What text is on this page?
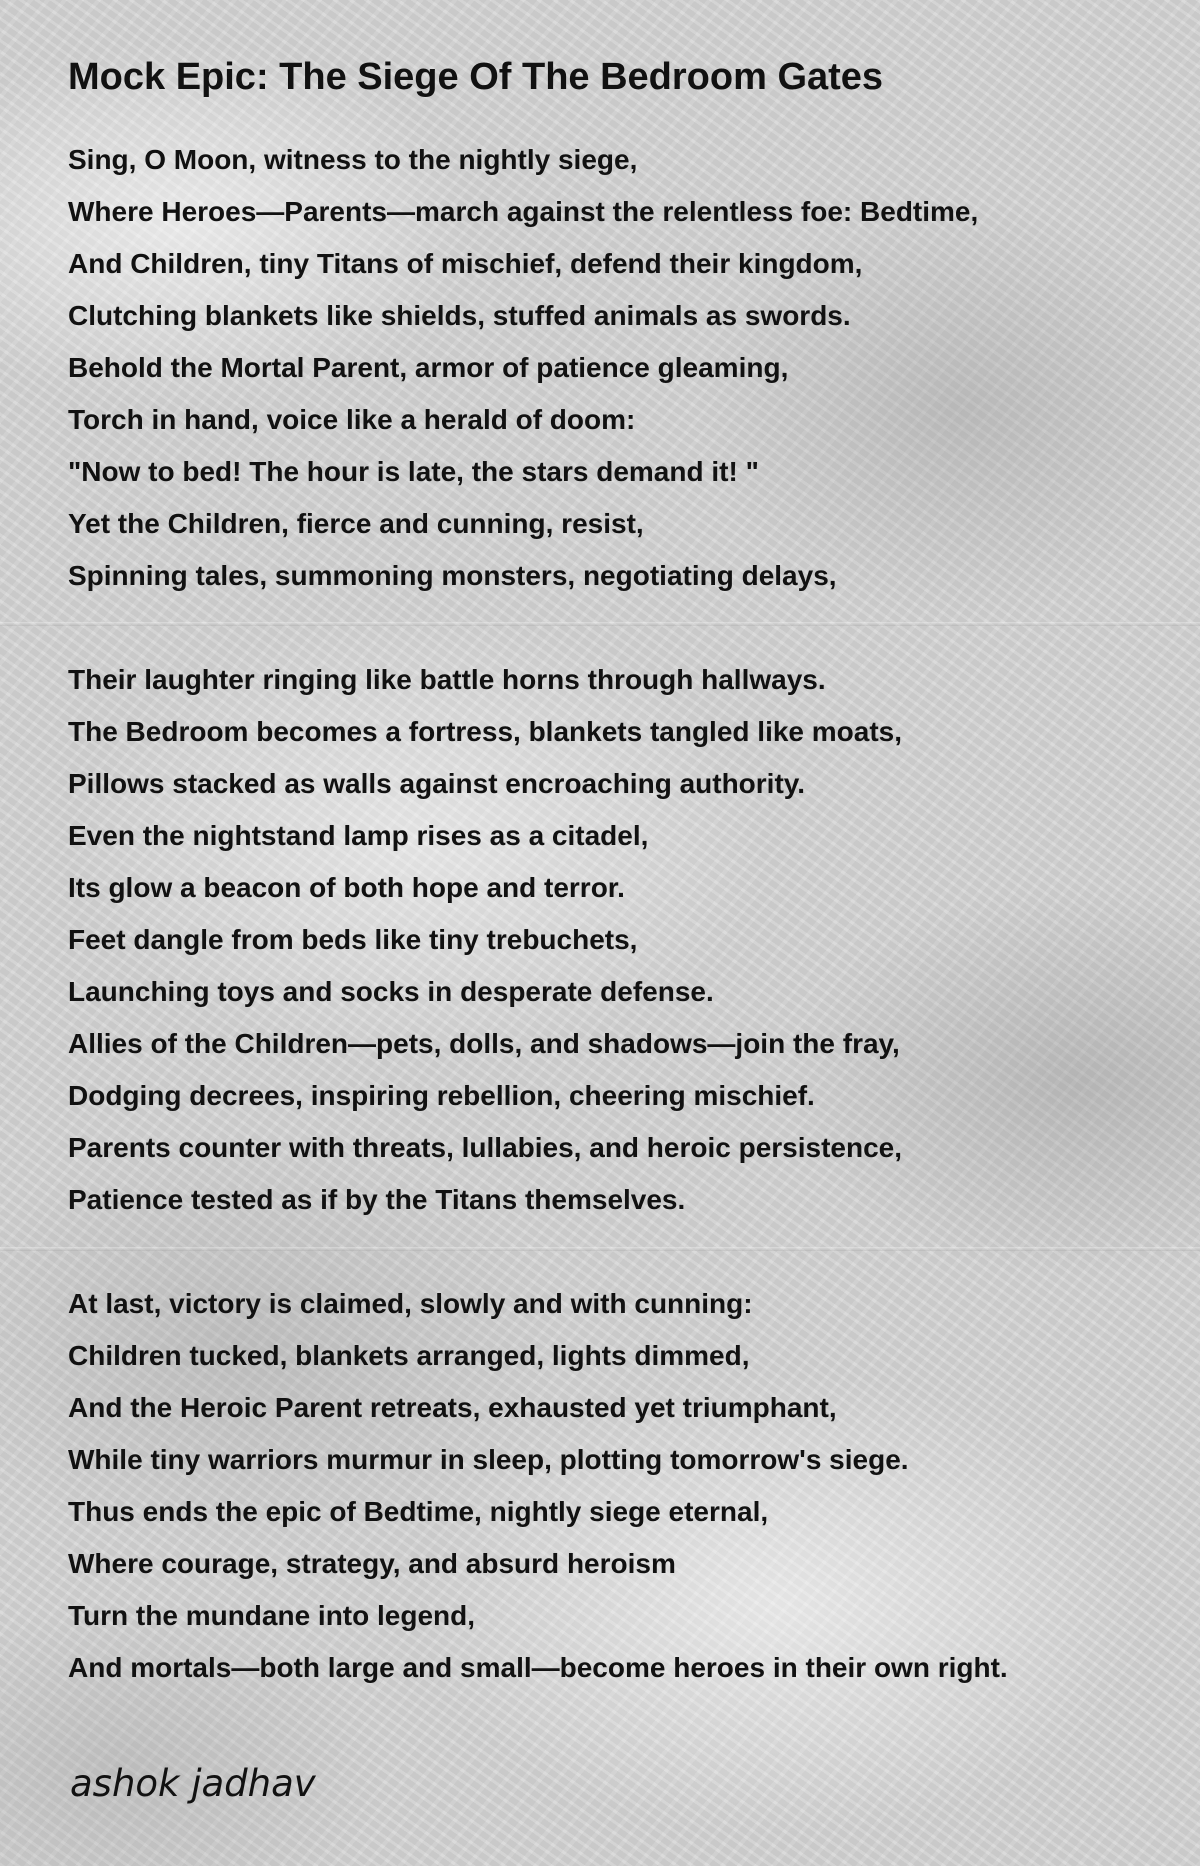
Mock Epic: The Siege Of The Bedroom Gates
Sing, O Moon, witness to the nightly siege,
Where Heroes—Parents—march against the relentless foe: Bedtime,
And Children, tiny Titans of mischief, defend their kingdom,
Clutching blankets like shields, stuffed animals as swords.
Behold the Mortal Parent, armor of patience gleaming,
Torch in hand, voice like a herald of doom:
"Now to bed! The hour is late, the stars demand it! "
Yet the Children, fierce and cunning, resist,
Spinning tales, summoning monsters, negotiating delays,
Their laughter ringing like battle horns through hallways.
The Bedroom becomes a fortress, blankets tangled like moats,
Pillows stacked as walls against encroaching authority.
Even the nightstand lamp rises as a citadel,
Its glow a beacon of both hope and terror.
Feet dangle from beds like tiny trebuchets,
Launching toys and socks in desperate defense.
Allies of the Children—pets, dolls, and shadows—join the fray,
Dodging decrees, inspiring rebellion, cheering mischief.
Parents counter with threats, lullabies, and heroic persistence,
Patience tested as if by the Titans themselves.
At last, victory is claimed, slowly and with cunning:
Children tucked, blankets arranged, lights dimmed,
And the Heroic Parent retreats, exhausted yet triumphant,
While tiny warriors murmur in sleep, plotting tomorrow's siege.
Thus ends the epic of Bedtime, nightly siege eternal,
Where courage, strategy, and absurd heroism
Turn the mundane into legend,
And mortals—both large and small—become heroes in their own right.
ashok jadhav
